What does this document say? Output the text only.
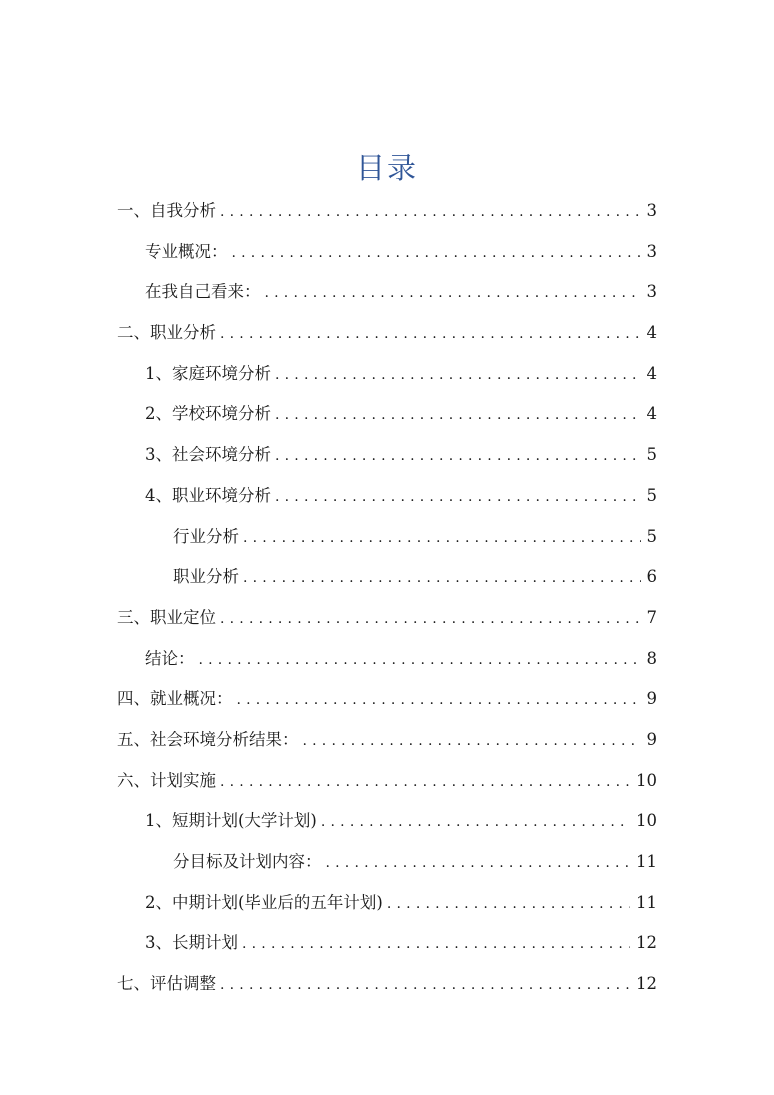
目录
一、自我分析 .....	3
专业概况： .....	3
在我自己看来： .....	3
二、职业分析 .....	4
1、家庭环境分析 .....	4
2、学校环境分析 .....	4
3、社会环境分析 .....	5
4、职业环境分析 .....	5
行业分析 .....	5
职业分析 .....	6
三、职业定位 .....	7
结论： .....	8
四、就业概况： .....	9
五、社会环境分析结果： .....	9
六、计划实施 .....	10
1、短期计划(大学计划) .....	10
分目标及计划内容： .....	11
2、中期计划(毕业后的五年计划) .....	11
3、长期计划 .....	12
七、评估调整 .....	12
